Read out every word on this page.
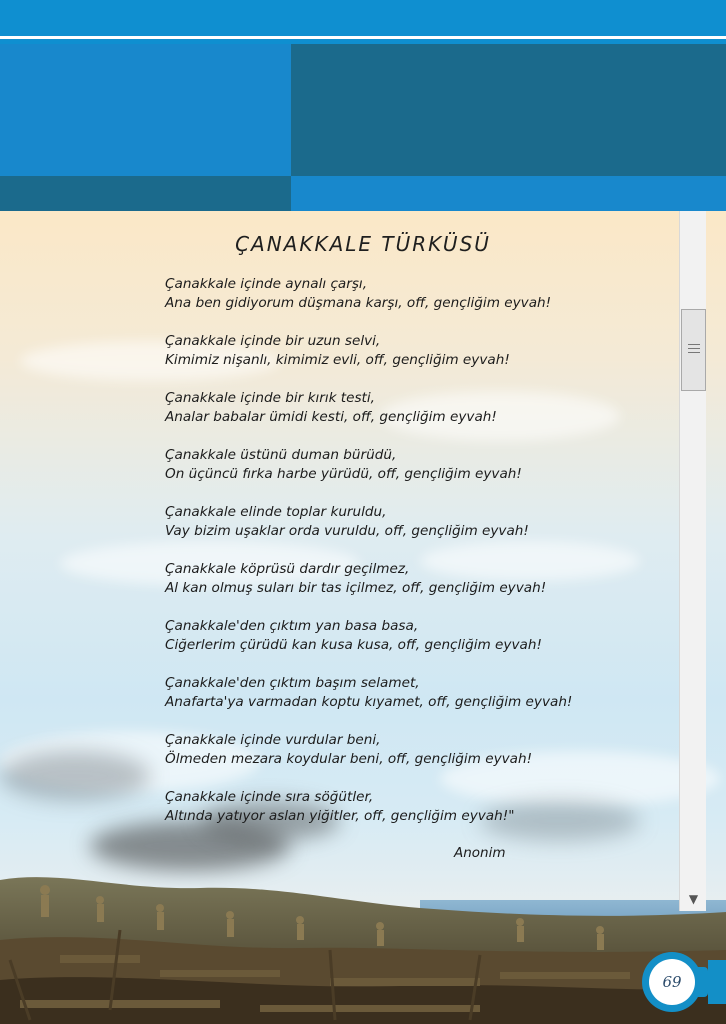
▼
ÇANAKKALE TÜRKÜSÜ
Çanakkale içinde aynalı çarşı,
Ana ben gidiyorum düşmana karşı, off, gençliğim eyvah!
Çanakkale içinde bir uzun selvi,
Kimimiz nişanlı, kimimiz evli, off, gençliğim eyvah!
Çanakkale içinde bir kırık testi,
Analar babalar ümidi kesti, off, gençliğim eyvah!
Çanakkale üstünü duman bürüdü,
On üçüncü fırka harbe yürüdü, off, gençliğim eyvah!
Çanakkale elinde toplar kuruldu,
Vay bizim uşaklar orda vuruldu, off, gençliğim eyvah!
Çanakkale köprüsü dardır geçilmez,
Al kan olmuş suları bir tas içilmez, off, gençliğim eyvah!
Çanakkale'den çıktım yan basa basa,
Ciğerlerim çürüdü kan kusa kusa, off, gençliğim eyvah!
Çanakkale'den çıktım başım selamet,
Anafarta'ya varmadan koptu kıyamet, off, gençliğim eyvah!
Çanakkale içinde vurdular beni,
Ölmeden mezara koydular beni, off, gençliğim eyvah!
Çanakkale içinde sıra söğütler,
Altında yatıyor aslan yiğitler, off, gençliğim eyvah!"
Anonim
69
